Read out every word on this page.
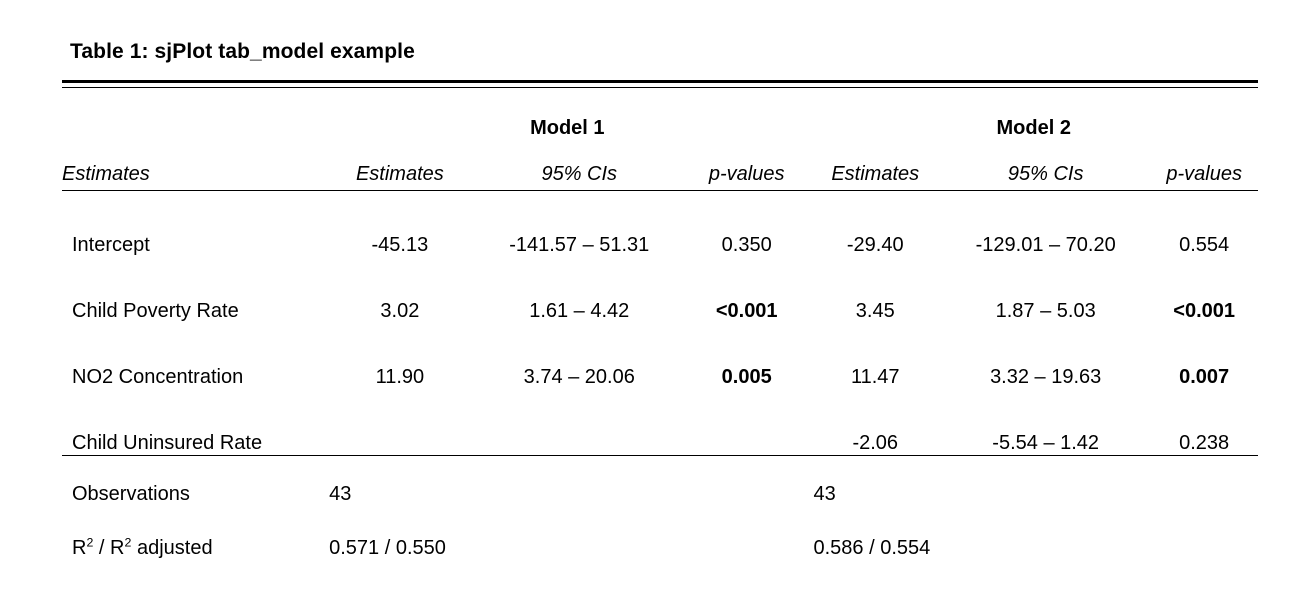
Table 1: sjPlot tab_model example

	Model 1			Model 2		
Estimates	Estimates	95% CIs	p-values	Estimates	95% CIs	p-values
Intercept	-45.13	-141.57 – 51.31	0.350	-29.40	-129.01 – 70.20	0.554
Child Poverty Rate	3.02	1.61 – 4.42	<0.001	3.45	1.87 – 5.03	<0.001
NO2 Concentration	11.90	3.74 – 20.06	0.005	11.47	3.32 – 19.63	0.007
Child Uninsured Rate				-2.06	-5.54 – 1.42	0.238
Observations	43			43		
$R^2 / R^2$ adjusted	0.571 / 0.550			0.586 / 0.554		
